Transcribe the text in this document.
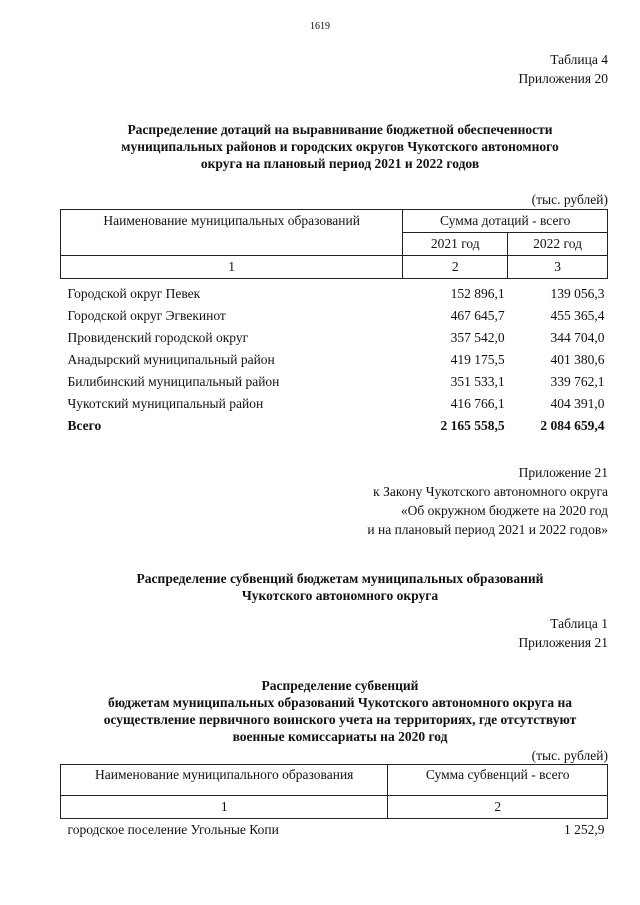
1619
Таблица 4
Приложения 20
Распределение дотаций на выравнивание бюджетной обеспеченности
муниципальных районов и городских округов Чукотского автономного
округа на плановый период 2021 и 2022 годов
(тыс. рублей)
Наименование муниципальных образований	Сумма дотаций - всего	
	2021 год	2022 год
1	2	3

Городской округ Певек	152 896,1	139 056,3
Городской округ Эгвекинот	467 645,7	455 365,4
Провиденский городской округ	357 542,0	344 704,0
Анадырский муниципальный район	419 175,5	401 380,6
Билибинский муниципальный район	351 533,1	339 762,1
Чукотский муниципальный район	416 766,1	404 391,0
Всего	2 165 558,5	2 084 659,4
Приложение 21
к Закону Чукотского автономного округа
«Об окружном бюджете на 2020 год
и на плановый период 2021 и 2022 годов»
Распределение субвенций бюджетам муниципальных образований
Чукотского автономного округа
Таблица 1
Приложения 21
Распределение субвенций
бюджетам муниципальных образований Чукотского автономного округа на
осуществление первичного воинского учета на территориях, где отсутствуют
военные комиссариаты на 2020 год
(тыс. рублей)
Наименование муниципального образования	Сумма субвенций - всего
1	2
городское поселение Угольные Копи	1 252,9
